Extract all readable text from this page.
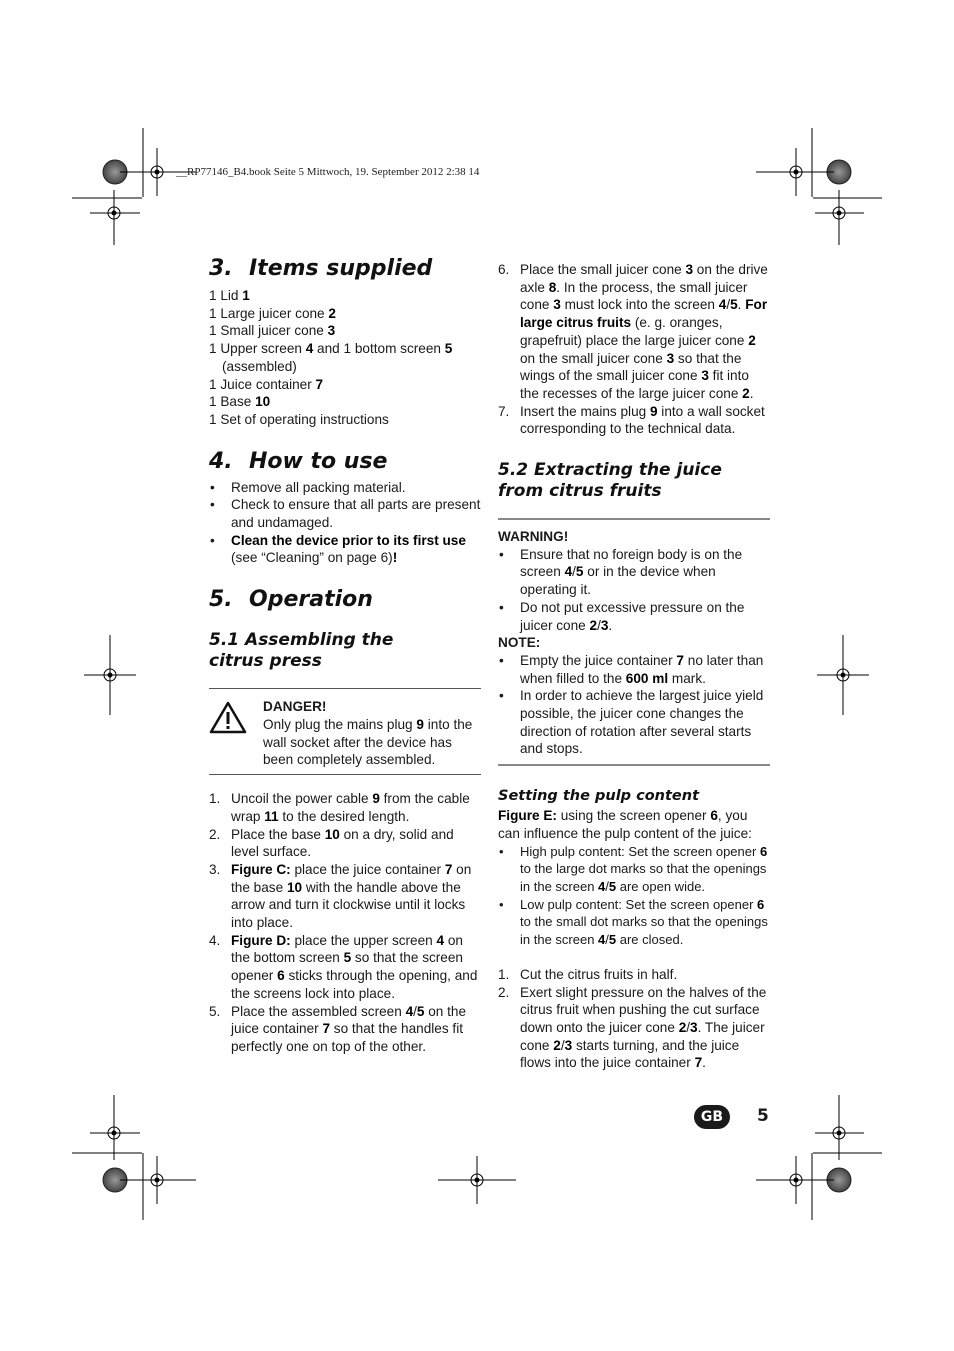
__RP77146_B4.book Seite 5 Mittwoch, 19. September 2012 2:38 14
3. Items supplied

1 Lid 1

1 Large juicer cone 2

1 Small juicer cone 3

1 Upper screen 4 and 1 bottom screen 5

(assembled)

1 Juice container 7

1 Base 10

1 Set of operating instructions

4. How to use
• Remove all packing material.
• Check to ensure that all parts are present and undamaged.
• Clean the device prior to its first use (see “Cleaning” on page 6)!
5. Operation
5.1 Assembling the citrus press
DANGER!
Only plug the mains plug 9 into the wall socket after the device has been completely assembled.
1. Uncoil the power cable 9 from the cable wrap 11 to the desired length.
2. Place the base 10 on a dry, solid and level surface.
3. Figure C: place the juice container 7 on the base 10 with the handle above the arrow and turn it clockwise until it locks into place.
4. Figure D: place the upper screen 4 on the bottom screen 5 so that the screen opener 6 sticks through the opening, and the screens lock into place.
5. Place the assembled screen 4/5 on the juice container 7 so that the handles fit perfectly one on top of the other.
6. Place the small juicer cone 3 on the drive axle 8. In the process, the small juicer cone 3 must lock into the screen 4/5. For large citrus fruits (e. g. oranges, grapefruit) place the large juicer cone 2 on the small juicer cone 3 so that the wings of the small juicer cone 3 fit into the recesses of the large juicer cone 2.
7. Insert the mains plug 9 into a wall socket corresponding to the technical data.
5.2 Extracting the juice from citrus fruits
WARNING!
• Ensure that no foreign body is on the screen 4/5 or in the device when operating it.
• Do not put excessive pressure on the juicer cone 2/3.
NOTE:
• Empty the juice container 7 no later than when filled to the 600 ml mark.
• In order to achieve the largest juice yield possible, the juicer cone changes the direction of rotation after several starts and stops.
Setting the pulp content
Figure E: using the screen opener 6, you can influence the pulp content of the juice:
• High pulp content: Set the screen opener 6 to the large dot marks so that the openings in the screen 4/5 are open wide.
• Low pulp content: Set the screen opener 6 to the small dot marks so that the openings in the screen 4/5 are closed.
1. Cut the citrus fruits in half.
2. Exert slight pressure on the halves of the citrus fruit when pushing the cut surface down onto the juicer cone 2/3. The juicer cone 2/3 starts turning, and the juice flows into the juice container 7.
GB	5
